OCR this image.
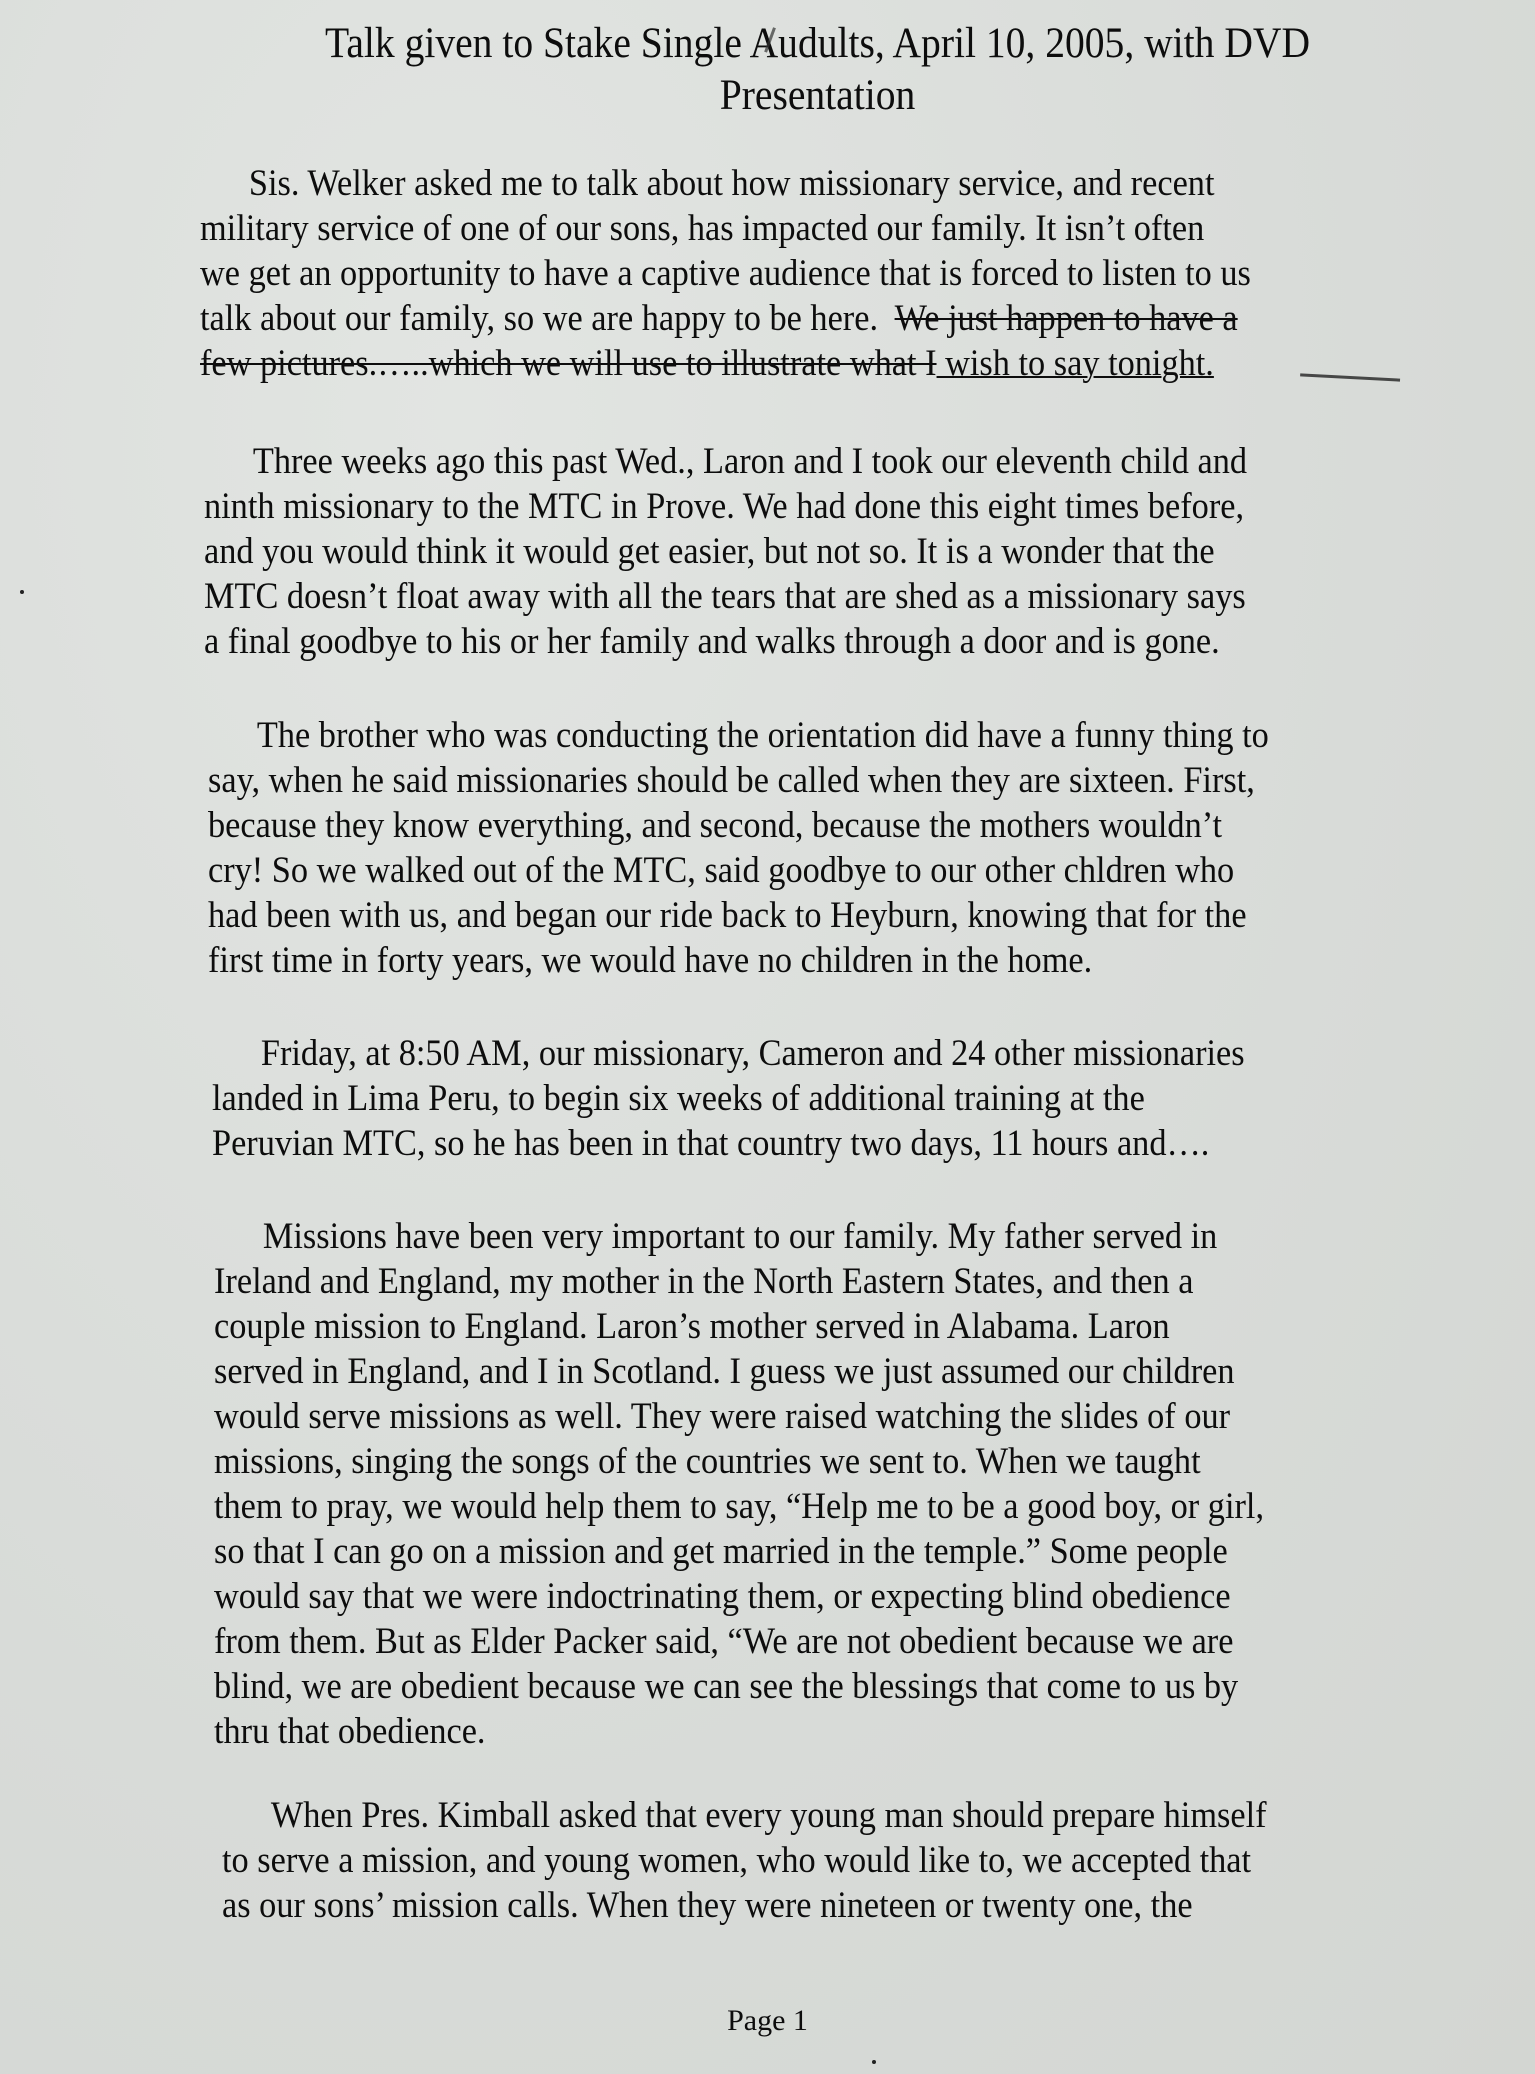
Talk given to Stake Single Audults, April 10, 2005, with DVD
Presentation
Sis. Welker asked me to talk about how missionary service, and recent
military service of one of our sons, has impacted our family. It isn’t often
we get an opportunity to have a captive audience that is forced to listen to us
talk about our family, so we are happy to be here.  We just happen to have a
few pictures.…..which we will use to illustrate what I wish to say tonight.
Three weeks ago this past Wed., Laron and I took our eleventh child and
ninth missionary to the MTC in Prove. We had done this eight times before,
and you would think it would get easier, but not so. It is a wonder that the
MTC doesn’t float away with all the tears that are shed as a missionary says
a final goodbye to his or her family and walks through a door and is gone.
The brother who was conducting the orientation did have a funny thing to
say, when he said missionaries should be called when they are sixteen. First,
because they know everything, and second, because the mothers wouldn’t
cry! So we walked out of the MTC, said goodbye to our other chldren who
had been with us, and began our ride back to Heyburn, knowing that for the
first time in forty years, we would have no children in the home.
Friday, at 8:50 AM, our missionary, Cameron and 24 other missionaries
landed in Lima Peru, to begin six weeks of additional training at the
Peruvian MTC, so he has been in that country two days, 11 hours and….
Missions have been very important to our family. My father served in
Ireland and England, my mother in the North Eastern States, and then a
couple mission to England. Laron’s mother served in Alabama. Laron
served in England, and I in Scotland. I guess we just assumed our children
would serve missions as well. They were raised watching the slides of our
missions, singing the songs of the countries we sent to. When we taught
them to pray, we would help them to say, “Help me to be a good boy, or girl,
so that I can go on a mission and get married in the temple.” Some people
would say that we were indoctrinating them, or expecting blind obedience
from them. But as Elder Packer said, “We are not obedient because we are
blind, we are obedient because we can see the blessings that come to us by
thru that obedience.
When Pres. Kimball asked that every young man should prepare himself
to serve a mission, and young women, who would like to, we accepted that
as our sons’ mission calls. When they were nineteen or twenty one, the
Page 1
